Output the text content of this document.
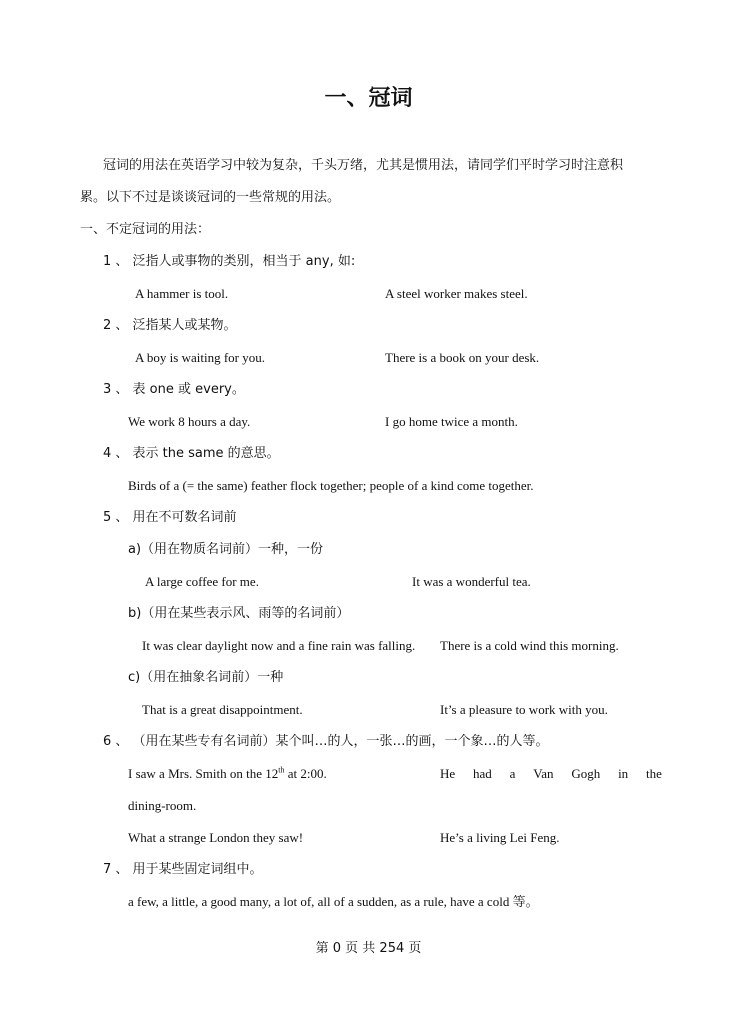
一、冠词
冠词的用法在英语学习中较为复杂，千头万绪，尤其是惯用法，请同学们平时学习时注意积
累。以下不过是谈谈冠词的一些常规的用法。
一、不定冠词的用法：
1 、 泛指人或事物的类别，相当于 any, 如:
A hammer is tool.	A steel worker makes steel.
2 、 泛指某人或某物。
A boy is waiting for you.	There is a book on your desk.
3 、 表 one 或 every。
We work 8 hours a day.	I go home twice a month.
4 、 表示 the same 的意思。
Birds of a (= the same) feather flock together; people of a kind come together.
5 、 用在不可数名词前
a)（用在物质名词前）一种，一份
A large coffee for me.	It was a wonderful tea.
b)（用在某些表示风、雨等的名词前）
It was clear daylight now and a fine rain was falling. There is a cold wind this morning.
c)（用在抽象名词前）一种
That is a great disappointment.	It’s a pleasure to work with you.
6 、 （用在某些专有名词前）某个叫…的人，一张…的画，一个象…的人等。
I saw a Mrs. Smith on the 12th at 2:00.	He had a Van Gogh in the
dining-room.
What a strange London they saw!	He’s a living Lei Feng.
7 、 用于某些固定词组中。
a few, a little, a good many, a lot of, all of a sudden, as a rule, have a cold 等。
第 0 页 共 254 页
